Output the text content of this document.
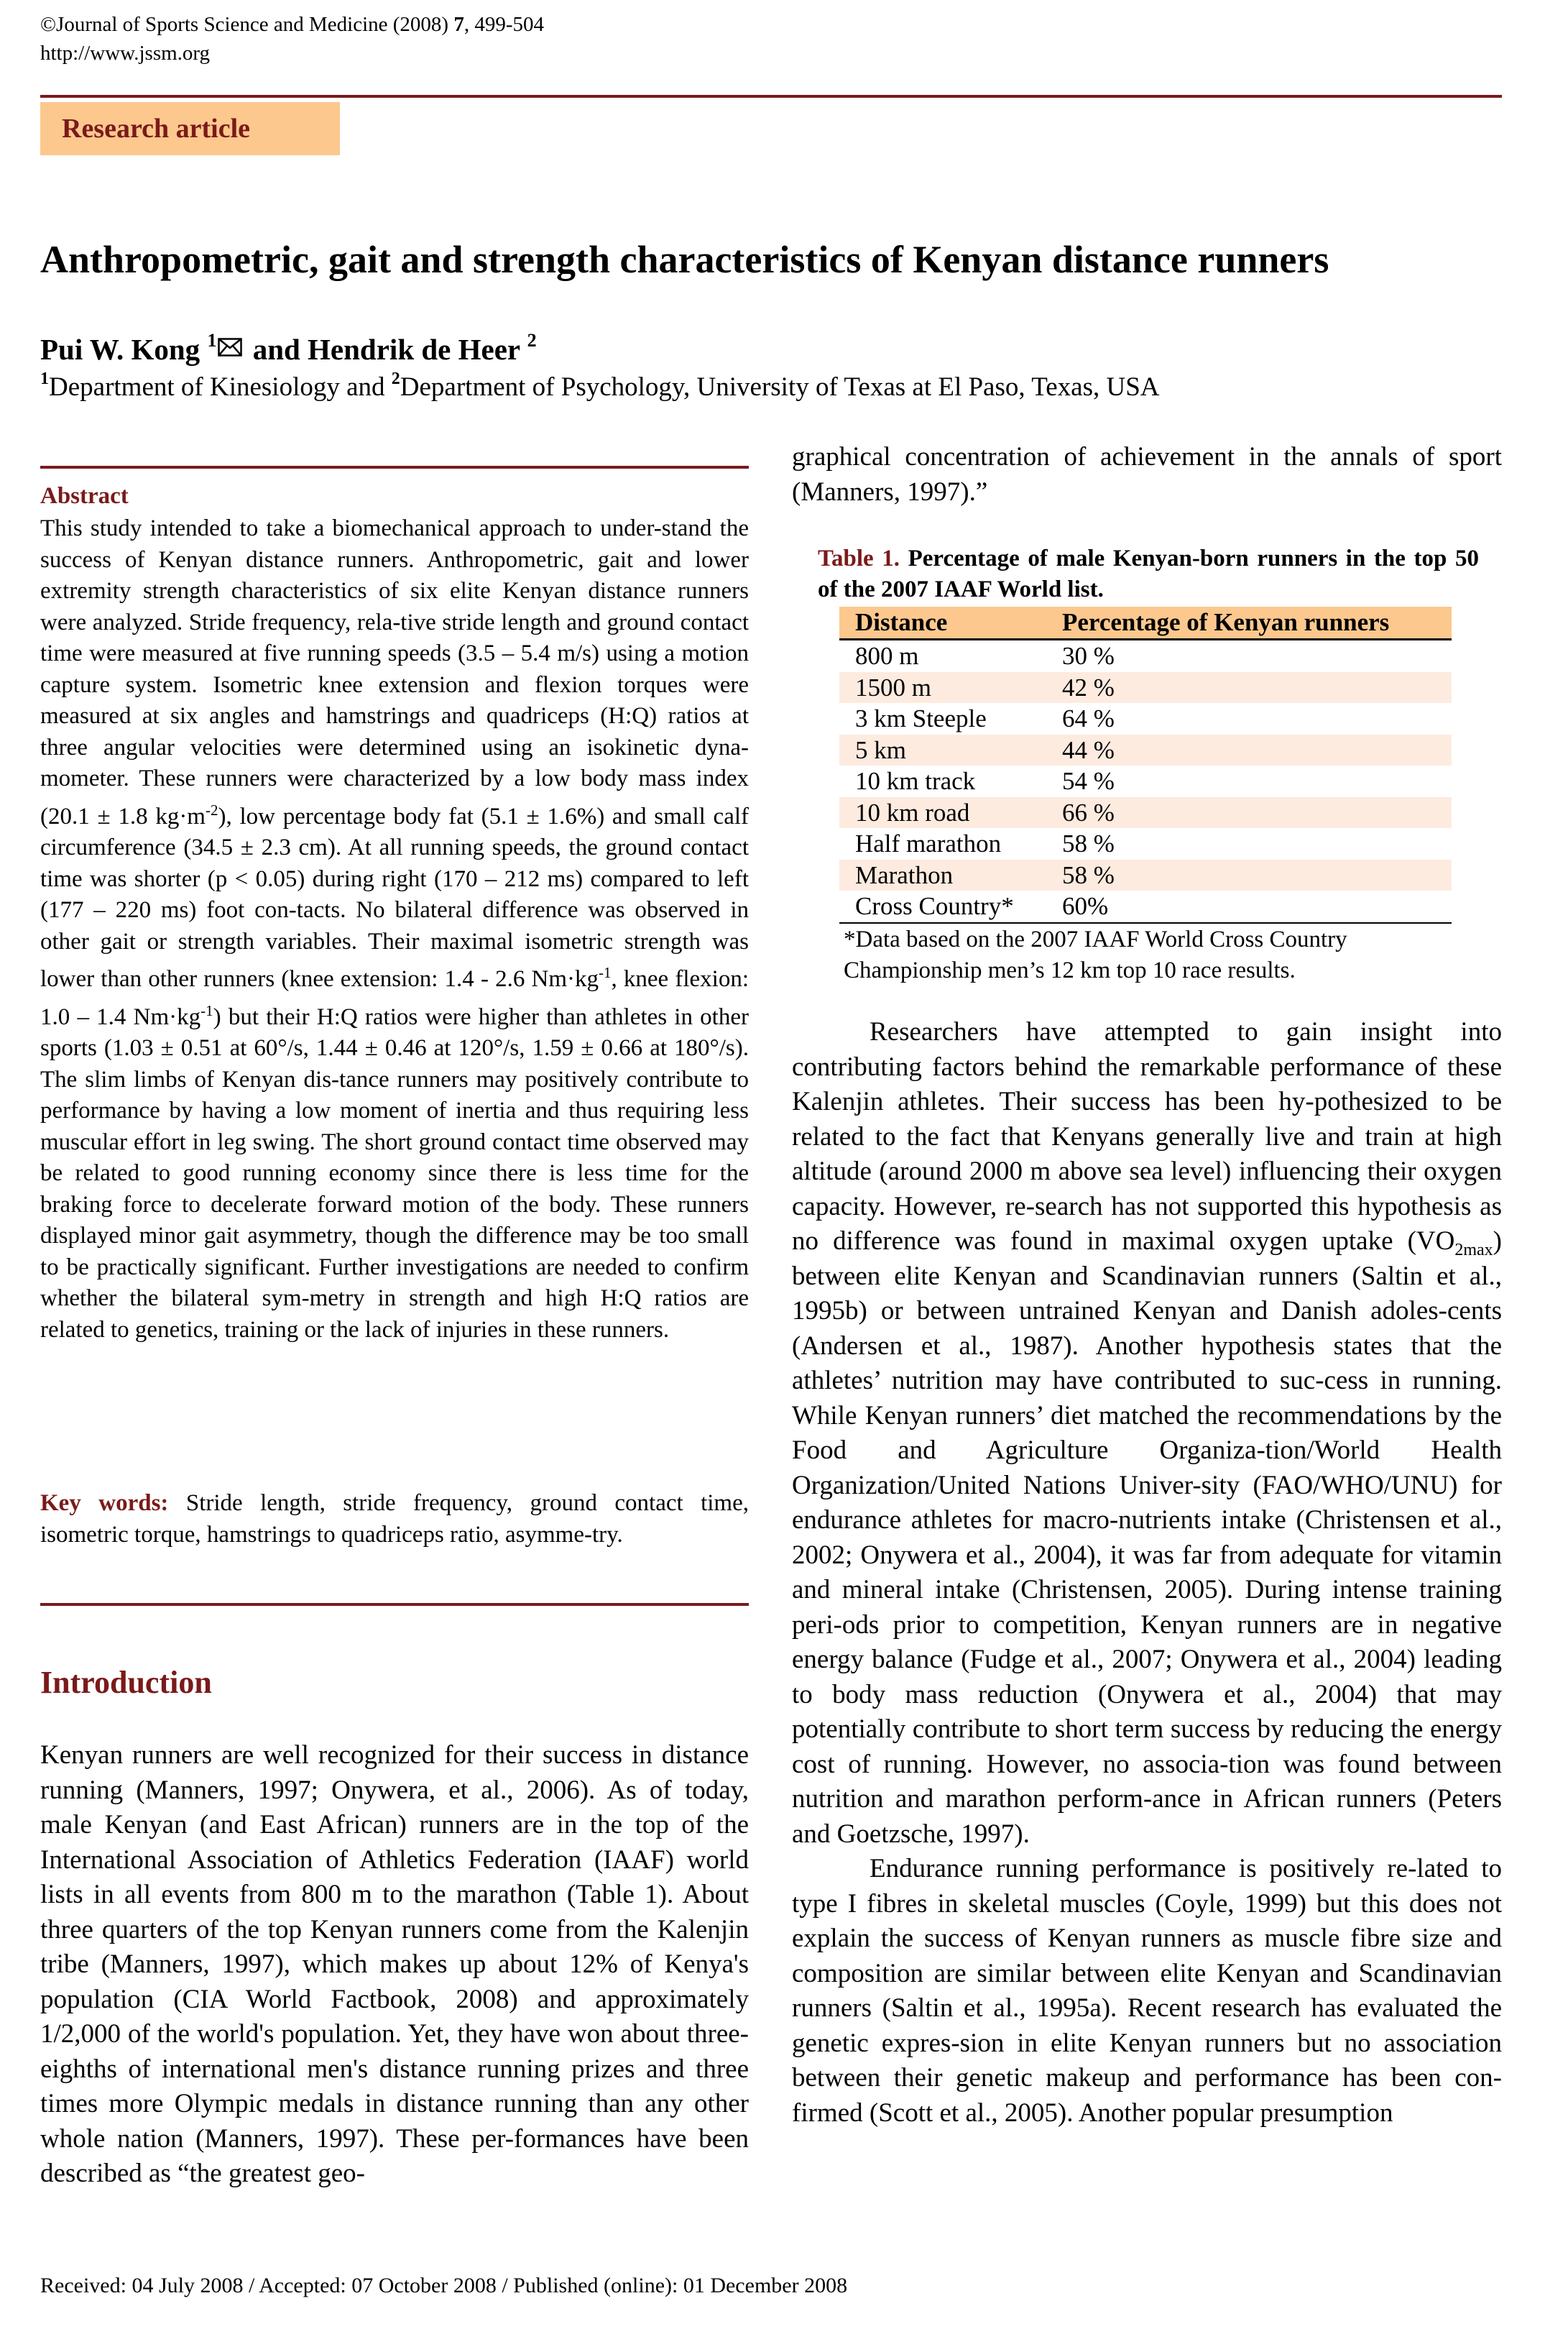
©Journal of Sports Science and Medicine (2008) 7, 499-504
http://www.jssm.org
Research article
Anthropometric, gait and strength characteristics of Kenyan distance runners
Pui W. Kong $^1$ and Hendrik de Heer $^2$
$^1$Department of Kinesiology and $^2$Department of Psychology, University of Texas at El Paso, Texas, USA
Abstract

This study intended to take a biomechanical approach to under-stand the success of Kenyan distance runners. Anthropometric, gait and lower extremity strength characteristics of six elite Kenyan distance runners were analyzed. Stride frequency, rela-tive stride length and ground contact time were measured at five running speeds (3.5 – 5.4 m/s) using a motion capture system. Isometric knee extension and flexion torques were measured at six angles and hamstrings and quadriceps (H:Q) ratios at three angular velocities were determined using an isokinetic dyna-mometer. These runners were characterized by a low body mass index (20.1 ± 1.8 $kg\cdot m^{-2}$), low percentage body fat (5.1 ± 1.6%) and small calf circumference (34.5 ± 2.3 cm). At all running speeds, the ground contact time was shorter (p < 0.05) during right (170 – 212 ms) compared to left (177 – 220 ms) foot con-tacts. No bilateral difference was observed in other gait or strength variables. Their maximal isometric strength was lower than other runners (knee extension: 1.4 - 2.6 $Nm\cdot kg^{-1}$, knee flexion: 1.0 – 1.4 $Nm\cdot kg^{-1}$) but their H:Q ratios were higher than athletes in other sports (1.03 ± 0.51 at 60°/s, 1.44 ± 0.46 at 120°/s, 1.59 ± 0.66 at 180°/s). The slim limbs of Kenyan dis-tance runners may positively contribute to performance by having a low moment of inertia and thus requiring less muscular effort in leg swing. The short ground contact time observed may be related to good running economy since there is less time for the braking force to decelerate forward motion of the body. These runners displayed minor gait asymmetry, though the difference may be too small to be practically significant. Further investigations are needed to confirm whether the bilateral sym-metry in strength and high H:Q ratios are related to genetics, training or the lack of injuries in these runners.

Key words: Stride length, stride frequency, ground contact time, isometric torque, hamstrings to quadriceps ratio, asymme-try.

Introduction

Kenyan runners are well recognized for their success in distance running (Manners, 1997; Onywera, et al., 2006). As of today, male Kenyan (and East African) runners are in the top of the International Association of Athletics Federation (IAAF) world lists in all events from 800 m to the marathon (Table 1). About three quarters of the top Kenyan runners come from the Kalenjin tribe (Manners, 1997), which makes up about 12% of Kenya's population (CIA World Factbook, 2008) and approximately 1/2,000 of the world's population. Yet, they have won about three-eighths of international men's distance running prizes and three times more Olympic medals in distance running than any other whole nation (Manners, 1997). These per-formances have been described as “the greatest geo-

graphical concentration of achievement in the annals of sport (Manners, 1997).”

Table 1. Percentage of male Kenyan-born runners in the top 50 of the 2007 IAAF World list.

Distance	Percentage of Kenyan runners
800 m	30 %
1500 m	42 %
3 km Steeple	64 %
5 km	44 %
10 km track	54 %
10 km road	66 %
Half marathon	58 %
Marathon	58 %
Cross Country*	60%

*Data based on the 2007 IAAF World Cross Country Championship men’s 12 km top 10 race results.

Researchers have attempted to gain insight into contributing factors behind the remarkable performance of these Kalenjin athletes. Their success has been hy-pothesized to be related to the fact that Kenyans generally live and train at high altitude (around 2000 m above sea level) influencing their oxygen capacity. However, re-search has not supported this hypothesis as no difference was found in maximal oxygen uptake $(VO_{2max})$ between elite Kenyan and Scandinavian runners (Saltin et al., 1995b) or between untrained Kenyan and Danish adoles-cents (Andersen et al., 1987). Another hypothesis states that the athletes’ nutrition may have contributed to suc-cess in running. While Kenyan runners’ diet matched the recommendations by the Food and Agriculture Organiza-tion/World Health Organization/United Nations Univer-sity (FAO/WHO/UNU) for endurance athletes for macro-nutrients intake (Christensen et al., 2002; Onywera et al., 2004), it was far from adequate for vitamin and mineral intake (Christensen, 2005). During intense training peri-ods prior to competition, Kenyan runners are in negative energy balance (Fudge et al., 2007; Onywera et al., 2004) leading to body mass reduction (Onywera et al., 2004) that may potentially contribute to short term success by reducing the energy cost of running. However, no associa-tion was found between nutrition and marathon perform-ance in African runners (Peters and Goetzsche, 1997).
Endurance running performance is positively re-lated to type I fibres in skeletal muscles (Coyle, 1999) but this does not explain the success of Kenyan runners as muscle fibre size and composition are similar between elite Kenyan and Scandinavian runners (Saltin et al., 1995a). Recent research has evaluated the genetic expres-sion in elite Kenyan runners but no association between their genetic makeup and performance has been con-firmed (Scott et al., 2005). Another popular presumption
Received: 04 July 2008 / Accepted: 07 October 2008 / Published (online): 01 December 2008
